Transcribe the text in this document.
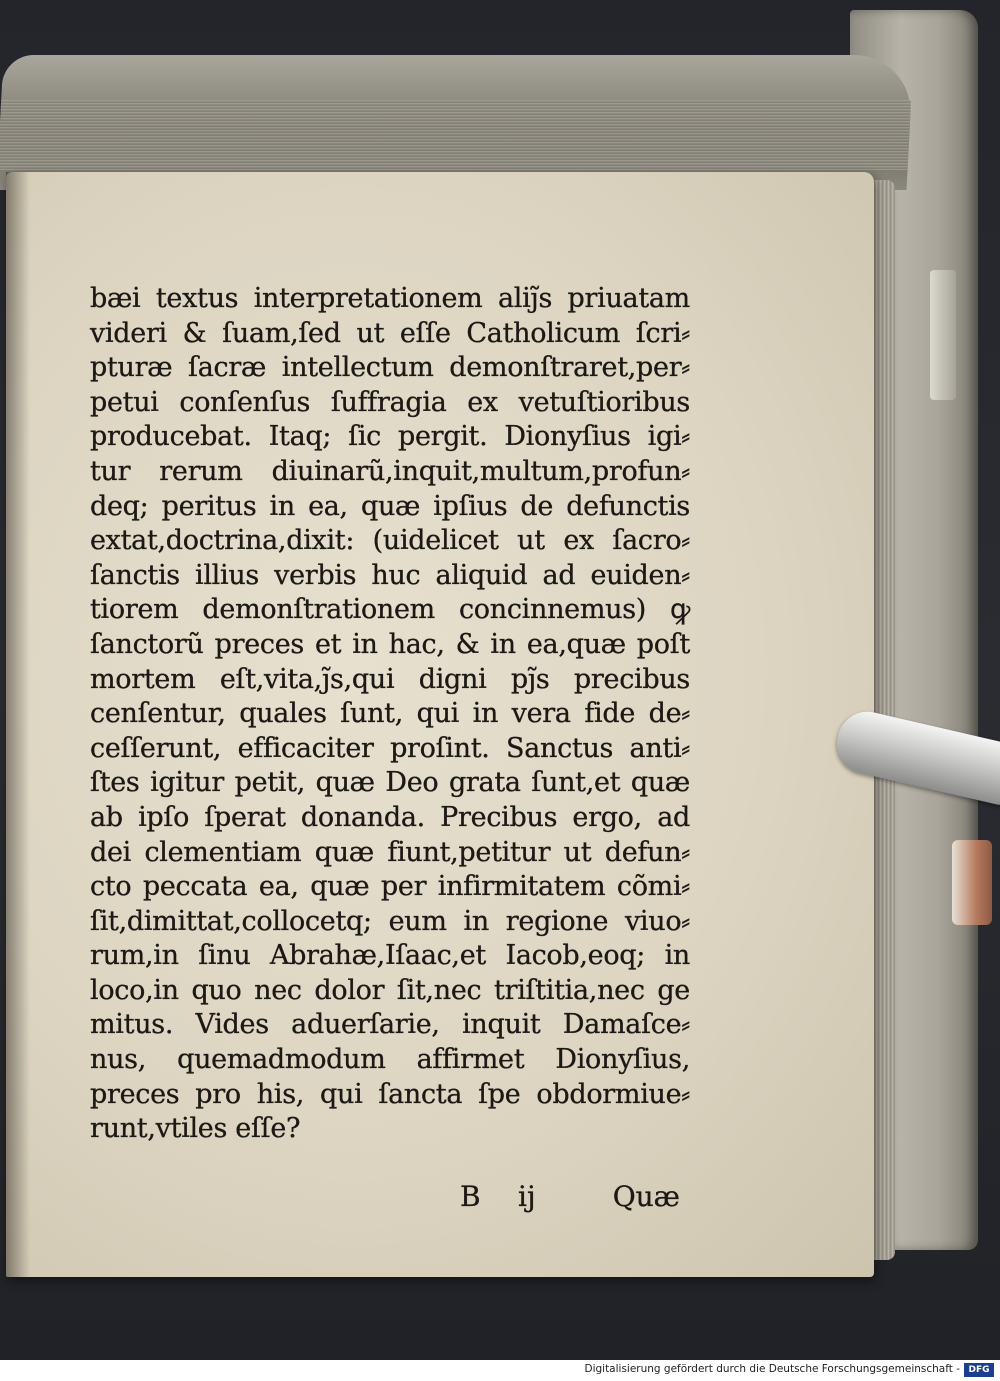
bæi textus interpretationem aliȷ̃s priuatam
videri & ſuam,ſed ut eſſe Catholicum ſcri⸗
pturæ ſacræ intellectum demonſtraret,per⸗
petui conſenſus ſuffragia ex vetuſtioribus
producebat. Itaq; ſic pergit. Dionyſius igi⸗
tur rerum diuinarũ,inquit,multum,profun⸗
deq; peritus in ea, quæ ipſius de defunctis
extat,doctrina,dixit: (uidelicet ut ex ſacro⸗
ſanctis illius verbis huc aliquid ad euiden⸗
tiorem demonſtrationem concinnemus) ꝙ
ſanctorũ preces et in hac, & in ea,quæ poſt
mortem eſt,vita,ȷ̃s,qui digni pȷ̃s precibus
cenſentur, quales ſunt, qui in vera fide de⸗
ceſſerunt, efficaciter proſint. Sanctus anti⸗
ſtes igitur petit, quæ Deo grata ſunt,et quæ
ab ipſo ſperat donanda. Precibus ergo, ad
dei clementiam quæ fiunt,petitur ut defun⸗
cto peccata ea, quæ per infirmitatem cõmi⸗
ſit,dimittat,collocetq; eum in regione viuo⸗
rum,in ſinu Abrahæ,Iſaac,et Iacob,eoq; in
loco,in quo nec dolor ſit,nec triſtitia,nec ge
mitus. Vides aduerſarie, inquit Damaſce⸗
nus, quemadmodum affirmet Dionyſius,
preces pro his, qui ſancta ſpe obdormiue⸗
runt,vtiles eſſe?
B ij	Quæ
Digitalisierung gefördert durch die Deutsche Forschungsgemeinschaft - DFG
